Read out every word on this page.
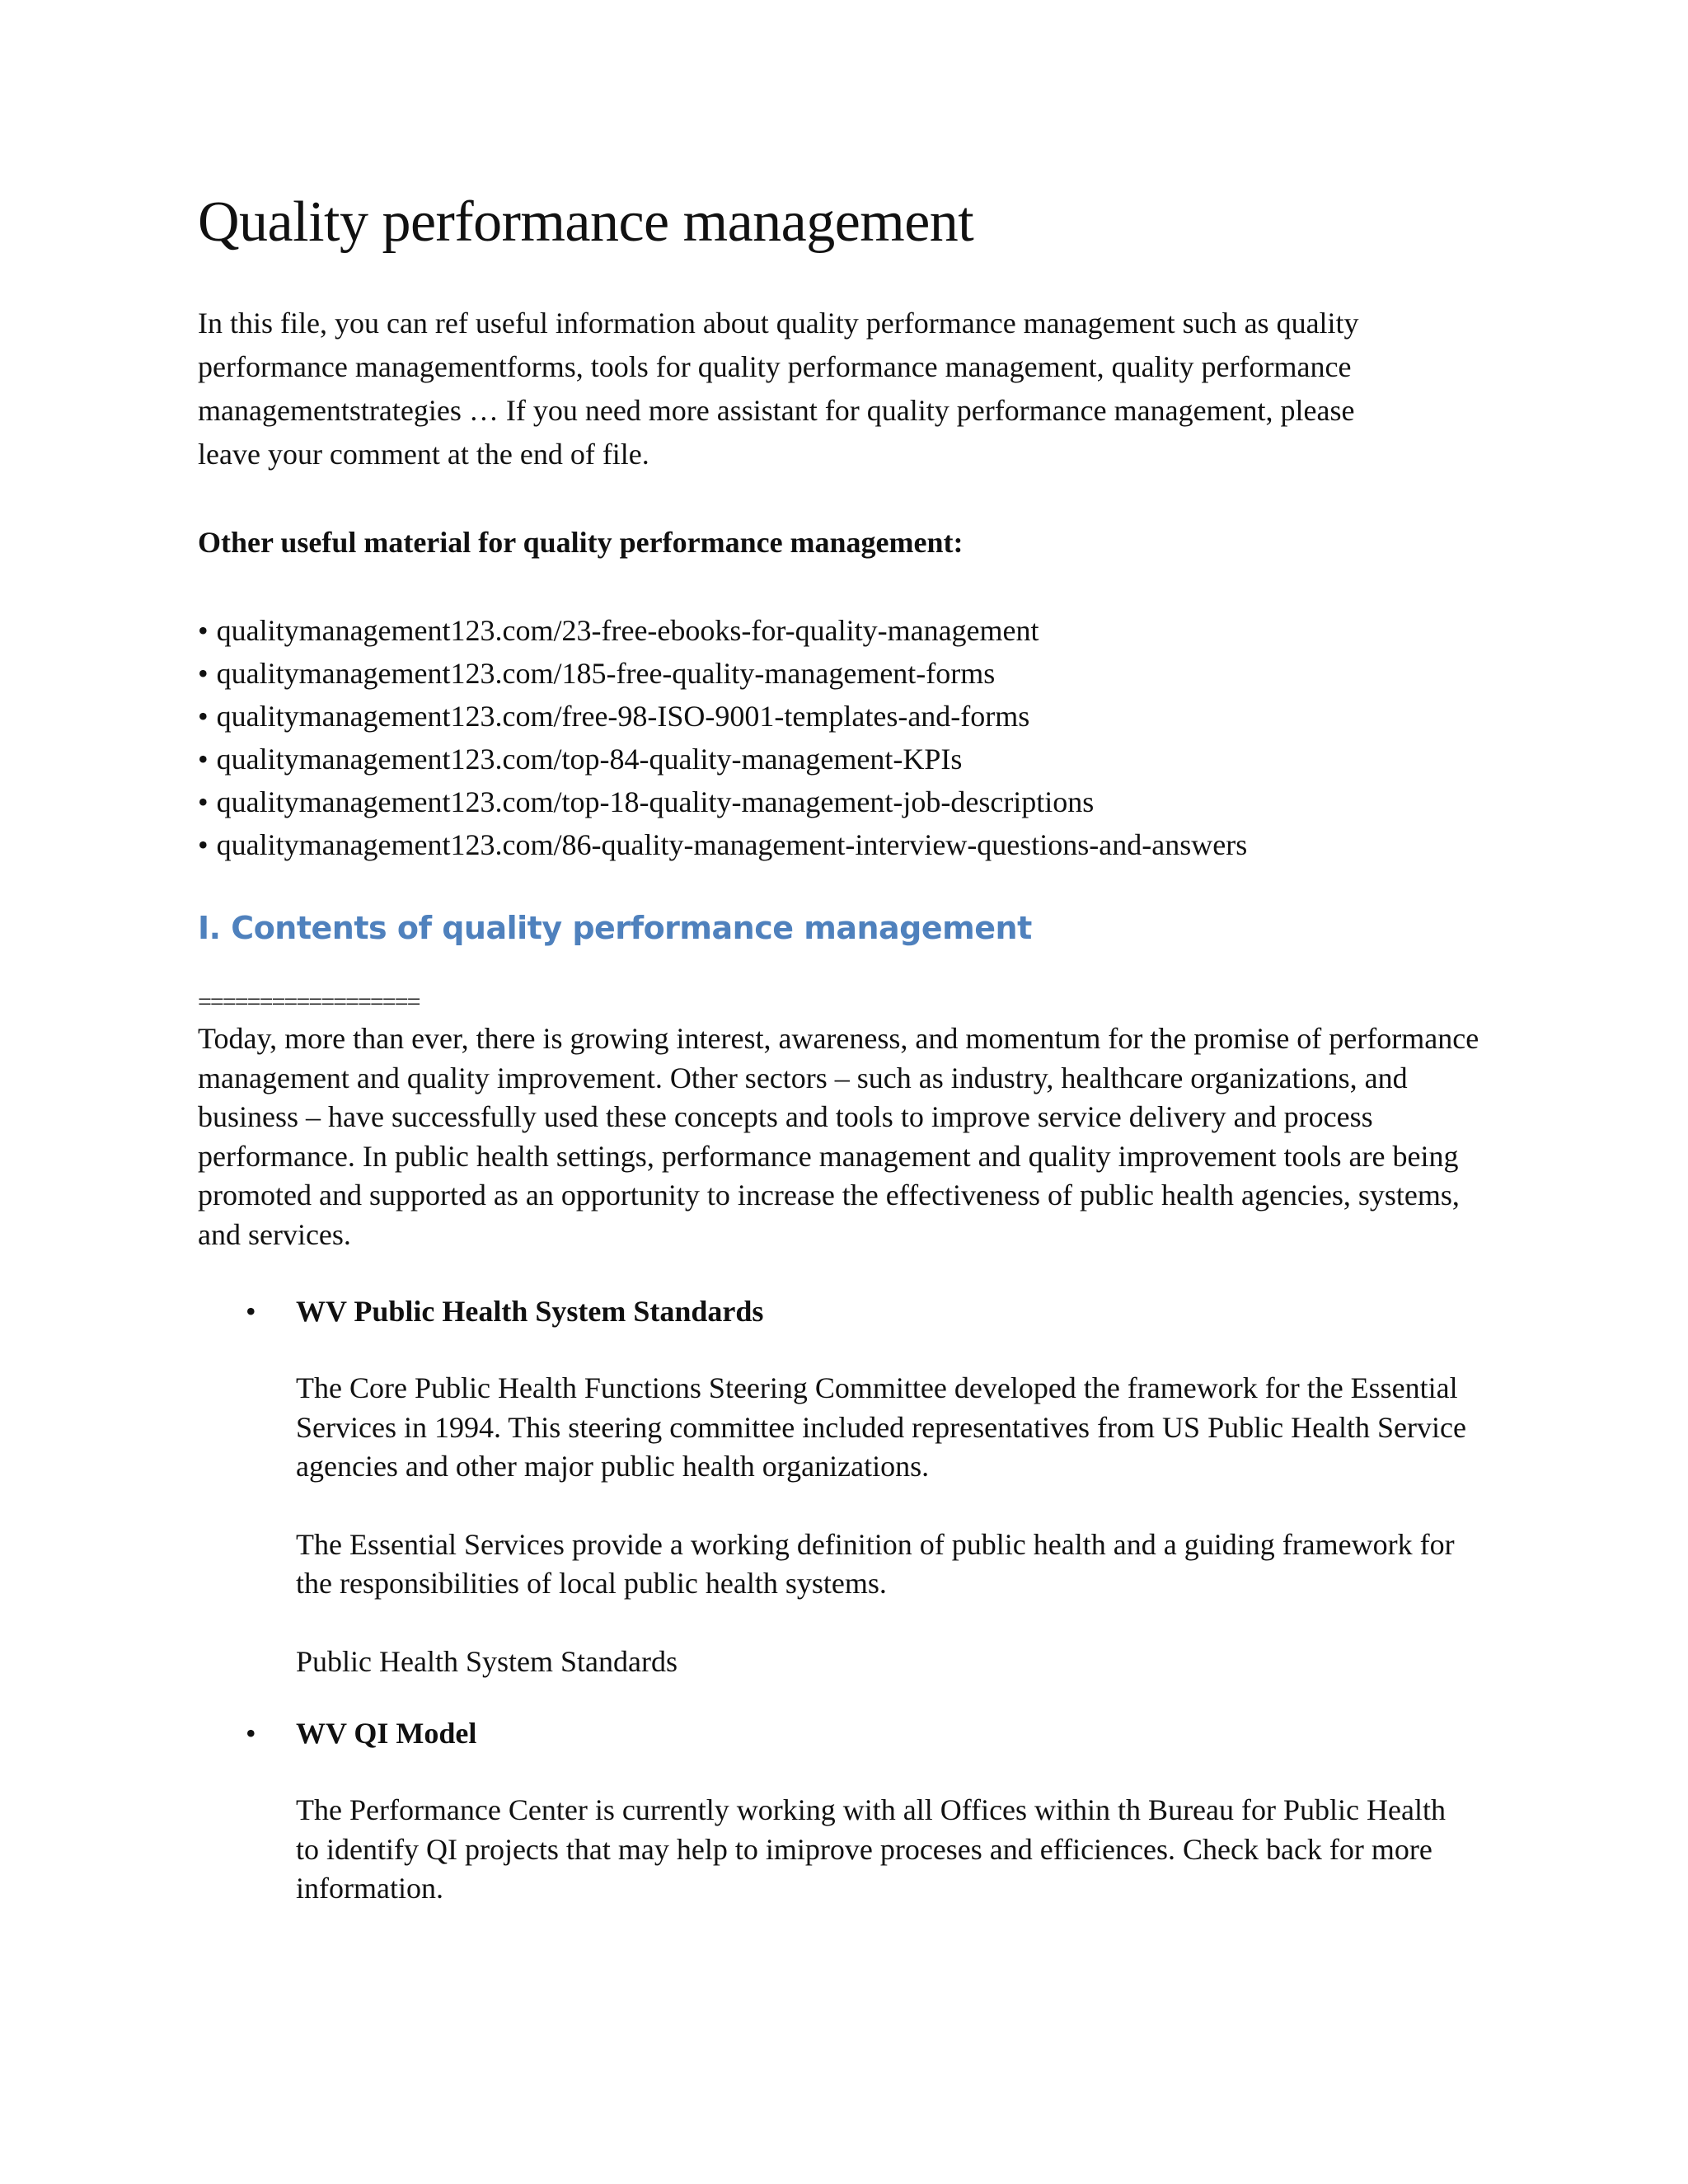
Quality performance management

In this file, you can ref useful information about quality performance management such as quality performance managementforms, tools for quality performance management, quality performance managementstrategies … If you need more assistant for quality performance management, please leave your comment at the end of file.

Other useful material for quality performance management:

• qualitymanagement123.com/23-free-ebooks-for-quality-management
• qualitymanagement123.com/185-free-quality-management-forms
• qualitymanagement123.com/free-98-ISO-9001-templates-and-forms
• qualitymanagement123.com/top-84-quality-management-KPIs
• qualitymanagement123.com/top-18-quality-management-job-descriptions
• qualitymanagement123.com/86-quality-management-interview-questions-and-answers
I. Contents of quality performance management
==================

Today, more than ever, there is growing interest, awareness, and momentum for the promise of performance management and quality improvement. Other sectors – such as industry, healthcare organizations, and business – have successfully used these concepts and tools to improve service delivery and process performance. In public health settings, performance management and quality improvement tools are being promoted and supported as an opportunity to increase the effectiveness of public health agencies, systems, and services.

• WV Public Health System Standards

The Core Public Health Functions Steering Committee developed the framework for the Essential Services in 1994. This steering committee included representatives from US Public Health Service agencies and other major public health organizations.

The Essential Services provide a working definition of public health and a guiding framework for the responsibilities of local public health systems.

Public Health System Standards

• WV QI Model

The Performance Center is currently working with all Offices within th Bureau for Public Health to identify QI projects that may help to imiprove proceses and efficiences. Check back for more information.
